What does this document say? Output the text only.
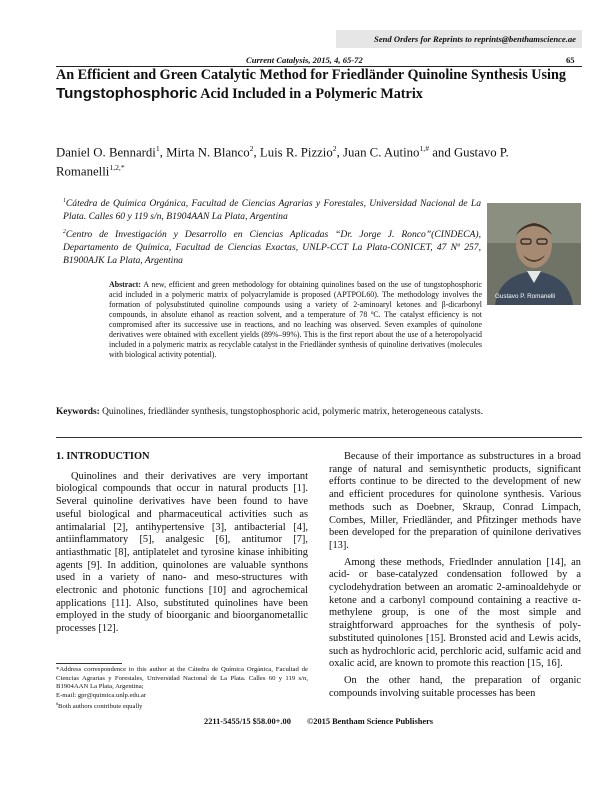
Send Orders for Reprints to reprints@benthamscience.ae
Current Catalysis, 2015, 4, 65-72	65
An Efficient and Green Catalytic Method for Friedländer Quinoline Synthesis Using Tungstophosphoric Acid Included in a Polymeric Matrix
Daniel O. Bennardi$^1$, Mirta N. Blanco$^2$, Luis R. Pizzio$^2$, Juan C. Autino$^{1,\#}$ and Gustavo P. Romanelli$^{1,2,*}$
$^1$Cátedra de Química Orgánica, Facultad de Ciencias Agrarias y Forestales, Universidad Nacional de La Plata. Calles 60 y 119 s/n, B1904AAN La Plata, Argentina
$^2$Centro de Investigación y Desarrollo en Ciencias Aplicadas “Dr. Jorge J. Ronco”(CINDECA), Departamento de Química, Facultad de Ciencias Exactas, UNLP-CCT La Plata-CONICET, 47 Nº 257, B1900AJK La Plata, Argentina
Gustavo P. Romanelli
Abstract: A new, efficient and green methodology for obtaining quinolines based on the use of tungstophosphoric acid included in a polymeric matrix of polyacrylamide is proposed (APTPOL60). The methodology involves the formation of polysubstituted quinoline compounds using a variety of 2-aminoaryl ketones and β-dicarbonyl compounds, in absolute ethanol as reaction solvent, and a temperature of 78 ºC. The catalyst efficiency is not compromised after its successive use in reactions, and no leaching was observed. Seven examples of quinolone derivatives were obtained with excellent yields (89%–99%). This is the first report about the use of a heteropolyacid included in a polymeric matrix as recyclable catalyst in the Friedländer synthesis of quinoline derivatives (molecules with biological activity potential).
Keywords: Quinolines, friedländer synthesis, tungstophosphoric acid, polymeric matrix, heterogeneous catalysts.
1. INTRODUCTION

Quinolines and their derivatives are very important biological compounds that occur in natural products [1]. Several quinoline derivatives have been found to have useful biological and pharmaceutical activities such as antimalarial [2], antihypertensive [3], antibacterial [4], antiinflammatory [5], analgesic [6], antitumor [7], antiasthmatic [8], antiplatelet and tyrosine kinase inhibiting agents [9]. In addition, quinolones are valuable synthons used in a variety of nano- and meso-structures with electronic and photonic functions [10] and agrochemical applications [11]. Also, substituted quinolines have been employed in the study of bioorganic and bioorganometallic processes [12].

Because of their importance as substructures in a broad range of natural and semisynthetic products, significant efforts continue to be directed to the development of new and efficient procedures for quinolone synthesis. Various methods such as Doebner, Skraup, Conrad Limpach, Combes, Miller, Friedländer, and Pfitzinger methods have been developed for the preparation of quinilone derivatives [13].

Among these methods, Friedlnder annulation [14], an acid- or base-catalyzed condensation followed by a cyclodehydration between an aromatic 2-aminoaldehyde or ketone and a carbonyl compound containing a reactive α-methylene group, is one of the most simple and straightforward approaches for the synthesis of poly-substituted quinolones [15]. Bronsted acid and Lewis acids, such as hydrochloric acid, perchloric acid, sulfamic acid and oxalic acid, are known to promote this reaction [15, 16].

On the other hand, the preparation of organic compounds involving suitable processes has been

*Address correspondence to this author at the Cátedra de Química Orgánica, Facultad de Ciencias Agrarias y Forestales, Universidad Nacional de La Plata. Calles 60 y 119 s/n, B1904AAN La Plata, Argentina;
E-mail: gpr@quimica.unlp.edu.ar
#Both authors contribute equally
2211-5455/15 $58.00+.00 ©2015 Bentham Science Publishers
